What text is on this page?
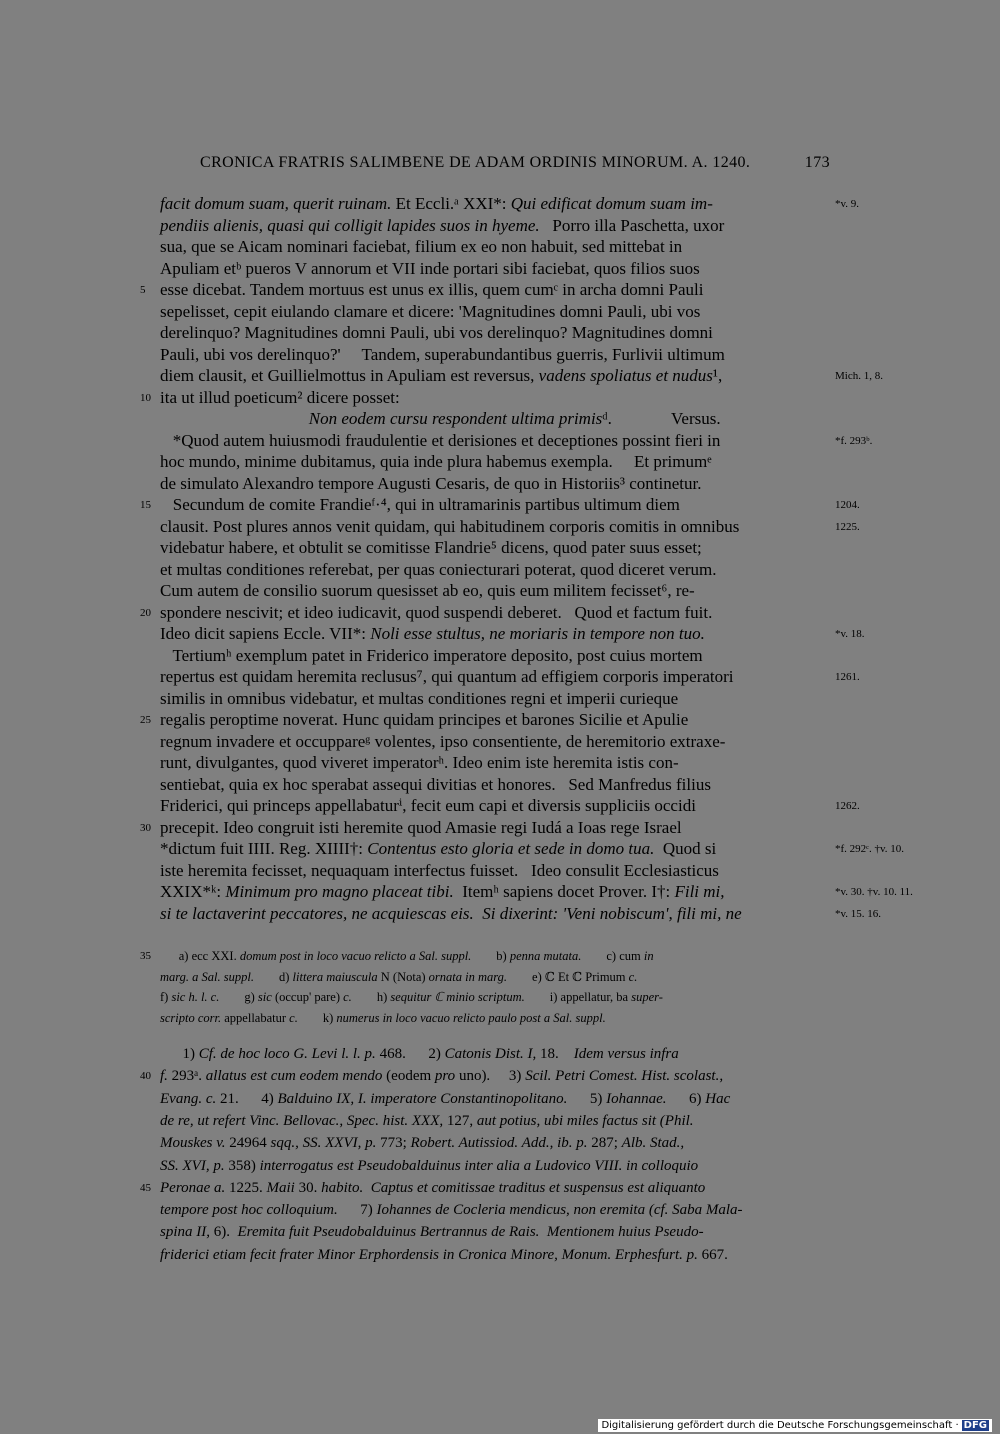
CRONICA FRATRIS SALIMBENE DE ADAM ORDINIS MINORUM. A. 1240.	173
facit domum suam, querit ruinam. Et Eccli.ᵃ XXI*: Qui edificat domum suam im-	*v. 9.
pendiis alienis, quasi qui colligit lapides suos in hyeme.   Porro illa Paschetta, uxor
sua, que se Aicam nominari faciebat, filium ex eo non habuit, sed mittebat in
Apuliam etᵇ pueros V annorum et VII inde portari sibi faciebat, quos filios suos
esse dicebat. Tandem mortuus est unus ex illis, quem cumᶜ in archa domni Pauli
5
sepelisset, cepit eiulando clamare et dicere: 'Magnitudines domni Pauli, ubi vos
derelinquo? Magnitudines domni Pauli, ubi vos derelinquo? Magnitudines domni
Pauli, ubi vos derelinquo?'     Tandem, superabundantibus guerris, Furlivii ultimum
diem clausit, et Guillielmottus in Apuliam est reversus, vadens spoliatus et nudus¹,	Mich. 1, 8.
ita ut illud poeticum² dicere posset:
10
Non eodem cursu respondent ultima primisᵈ.              Versus.
*Quod autem huiusmodi fraudulentie et derisiones et deceptiones possint fieri in	*f. 293ᵇ.
hoc mundo, minime dubitamus, quia inde plura habemus exempla.     Et primumᵉ
de simulato Alexandro tempore Augusti Cesaris, de quo in Historiis³ continetur.
Secundum de comite Frandieᶠ·⁴, qui in ultramarinis partibus ultimum diem
15	1204.
clausit. Post plures annos venit quidam, qui habitudinem corporis comitis in omnibus	1225.
videbatur habere, et obtulit se comitisse Flandrie⁵ dicens, quod pater suus esset;
et multas conditiones referebat, per quas coniecturari poterat, quod diceret verum.
Cum autem de consilio suorum quesisset ab eo, quis eum militem fecisset⁶, re-
spondere nescivit; et ideo iudicavit, quod suspendi deberet.   Quod et factum fuit.
20
Ideo dicit sapiens Eccle. VII*: Noli esse stultus, ne moriaris in tempore non tuo.	*v. 18.
Tertiumʰ exemplum patet in Friderico imperatore deposito, post cuius mortem
repertus est quidam heremita reclusus⁷, qui quantum ad effigiem corporis imperatori	1261.
similis in omnibus videbatur, et multas conditiones regni et imperii curieque
regalis peroptime noverat. Hunc quidam principes et barones Sicilie et Apulie
25
regnum invadere et occuppareᵍ volentes, ipso consentiente, de heremitorio extraxe-
runt, divulgantes, quod viveret imperatorʰ. Ideo enim iste heremita istis con-
sentiebat, quia ex hoc sperabat assequi divitias et honores.   Sed Manfredus filius
Friderici, qui princeps appellabaturⁱ, fecit eum capi et diversis suppliciis occidi	1262.
precepit. Ideo congruit isti heremite quod Amasie regi Iudá a Ioas rege Israel
30
*dictum fuit IIII. Reg. XIIII†: Contentus esto gloria et sede in domo tua.  Quod si	*f. 292ᶜ. †v. 10.
iste heremita fecisset, nequaquam interfectus fuisset.   Ideo consulit Ecclesiasticus
XXIX*ᵏ: Minimum pro magno placeat tibi.  Itemʰ sapiens docet Prover. I†: Fili mi,	*v. 30. †v. 10. 11.
si te lactaverint peccatores, ne acquiescas eis.  Si dixerint: 'Veni nobiscum', fili mi, ne	*v. 15. 16.
a) ecc XXI. domum post in loco vacuo relicto a Sal. suppl.        b) penna mutata.        c) cum in
35
marg. a Sal. suppl.        d) littera maiuscula N (Nota) ornata in marg.        e) ℂ Et ℂ Primum c.
f) sic h. l. c.        g) sic (occup' pare) c.        h) sequitur ℂ minio scriptum.        i) appellatur, ba super-
scripto corr. appellabatur c.        k) numerus in loco vacuo relicto paulo post a Sal. suppl.
1) Cf. de hoc loco G. Levi l. l. p. 468.      2) Catonis Dist. I, 18.    Idem versus infra
f. 293ᵃ. allatus est cum eodem mendo (eodem pro uno).     3) Scil. Petri Comest. Hist. scolast.,
40
Evang. c. 21.      4) Balduino IX, I. imperatore Constantinopolitano.      5) Iohannae.      6) Hac
de re, ut refert Vinc. Bellovac., Spec. hist. XXX, 127, aut potius, ubi miles factus sit (Phil.
Mouskes v. 24964 sqq., SS. XXVI, p. 773; Robert. Autissiod. Add., ib. p. 287; Alb. Stad.,
SS. XVI, p. 358) interrogatus est Pseudobalduinus inter alia a Ludovico VIII. in colloquio
Peronae a. 1225. Maii 30. habito.  Captus et comitissae traditus et suspensus est aliquanto
45
tempore post hoc colloquium.      7) Iohannes de Cocleria mendicus, non eremita (cf. Saba Mala-
spina II, 6).  Eremita fuit Pseudobalduinus Bertrannus de Rais.  Mentionem huius Pseudo-
friderici etiam fecit frater Minor Erphordensis in Cronica Minore, Monum. Erphesfurt. p. 667.
Digitalisierung gefördert durch die Deutsche Forschungsgemeinschaft · DFG
